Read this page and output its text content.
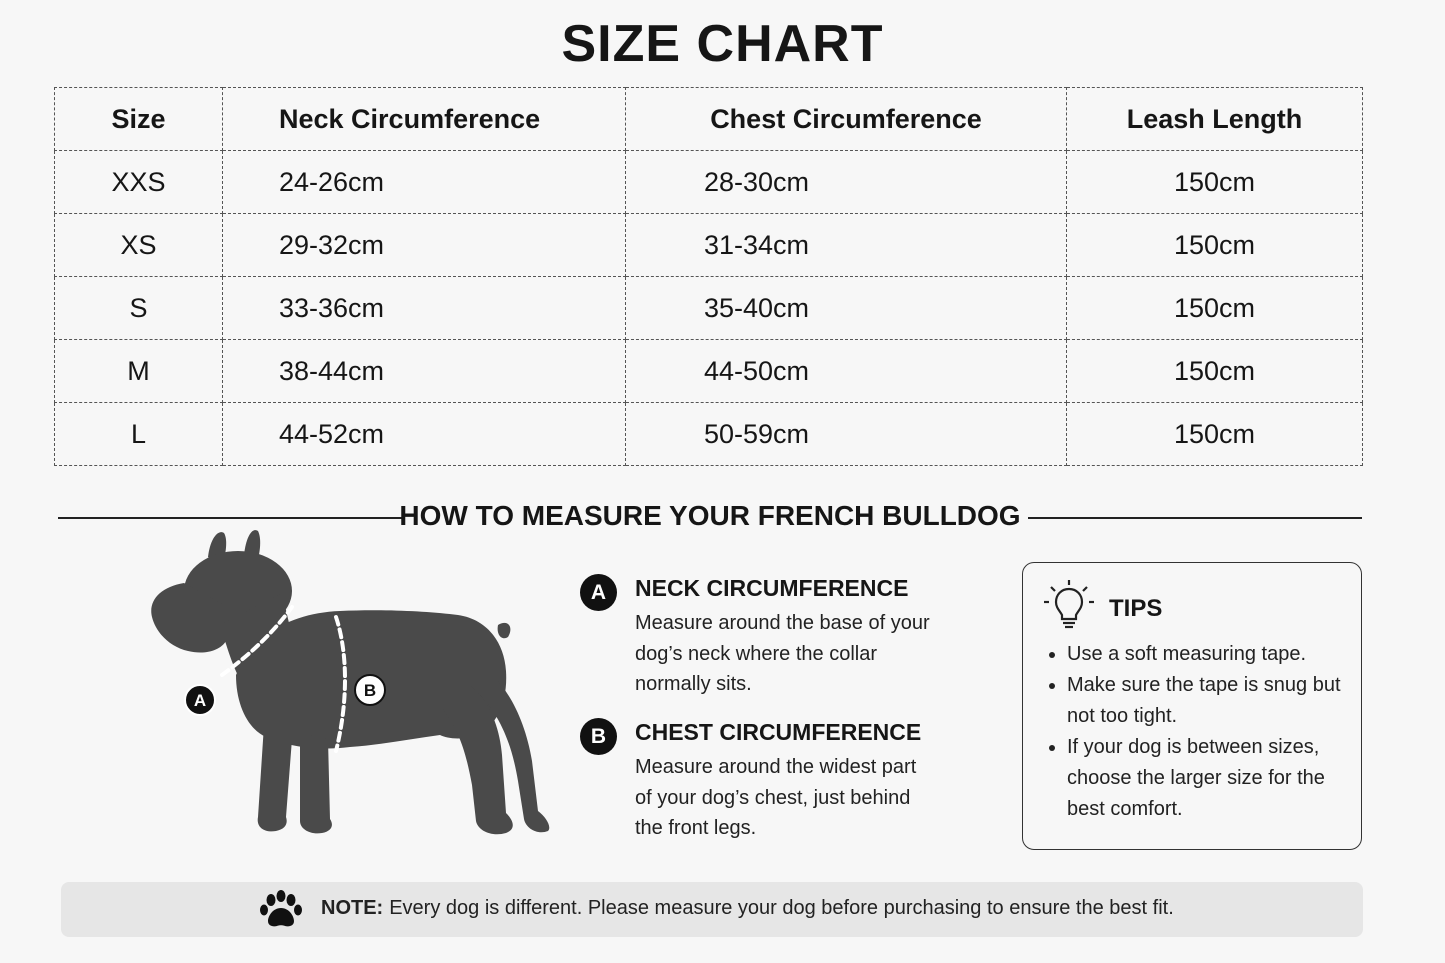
SIZE CHART
Size	Neck Circumference	Chest Circumference	Leash Length
XXS	24-26cm	28-30cm	150cm
XS	29-32cm	31-34cm	150cm
S	33-36cm	35-40cm	150cm
M	38-44cm	44-50cm	150cm
L	44-52cm	50-59cm	150cm
HOW TO MEASURE YOUR FRENCH BULLDOG
A
B
A	NECK CIRCUMFERENCE
Measure around the base of your
dog’s neck where the collar
normally sits.
B	CHEST CIRCUMFERENCE
Measure around the widest part
of your dog’s chest, just behind
the front legs.
TIPS
• Use a soft measuring tape.
• Make sure the tape is snug but not too tight.
• If your dog is between sizes, choose the larger size for the best comfort.
NOTE: Every dog is different. Please measure your dog before purchasing to ensure the best fit.
